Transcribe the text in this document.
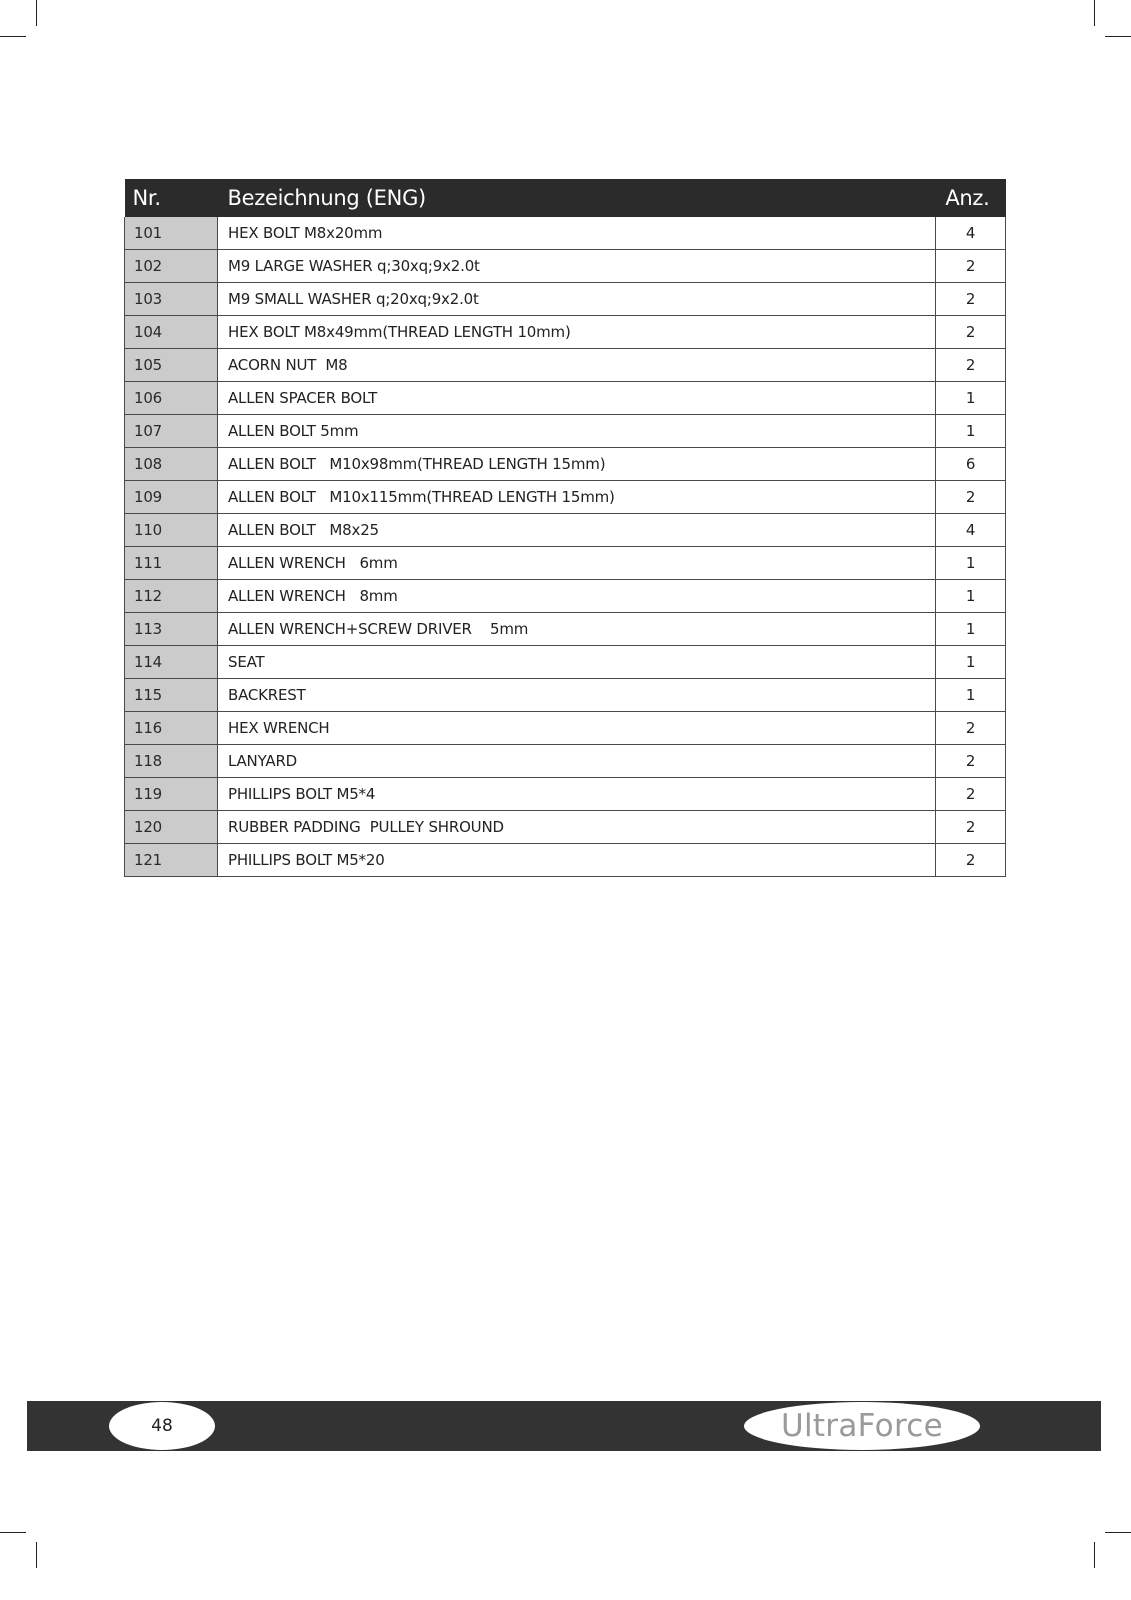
Nr.	Bezeichnung (ENG)	Anz.
101	HEX BOLT M8x20mm	4
102	M9 LARGE WASHER q;30xq;9x2.0t	2
103	M9 SMALL WASHER q;20xq;9x2.0t	2
104	HEX BOLT M8x49mm(THREAD LENGTH 10mm)	2
105	ACORN NUT  M8	2
106	ALLEN SPACER BOLT	1
107	ALLEN BOLT 5mm	1
108	ALLEN BOLT   M10x98mm(THREAD LENGTH 15mm)	6
109	ALLEN BOLT   M10x115mm(THREAD LENGTH 15mm)	2
110	ALLEN BOLT   M8x25	4
111	ALLEN WRENCH   6mm	1
112	ALLEN WRENCH   8mm	1
113	ALLEN WRENCH+SCREW DRIVER    5mm	1
114	SEAT	1
115	BACKREST	1
116	HEX WRENCH	2
118	LANYARD	2
119	PHILLIPS BOLT M5*4	2
120	RUBBER PADDING  PULLEY SHROUND	2
121	PHILLIPS BOLT M5*20	2
48	UltraForce
